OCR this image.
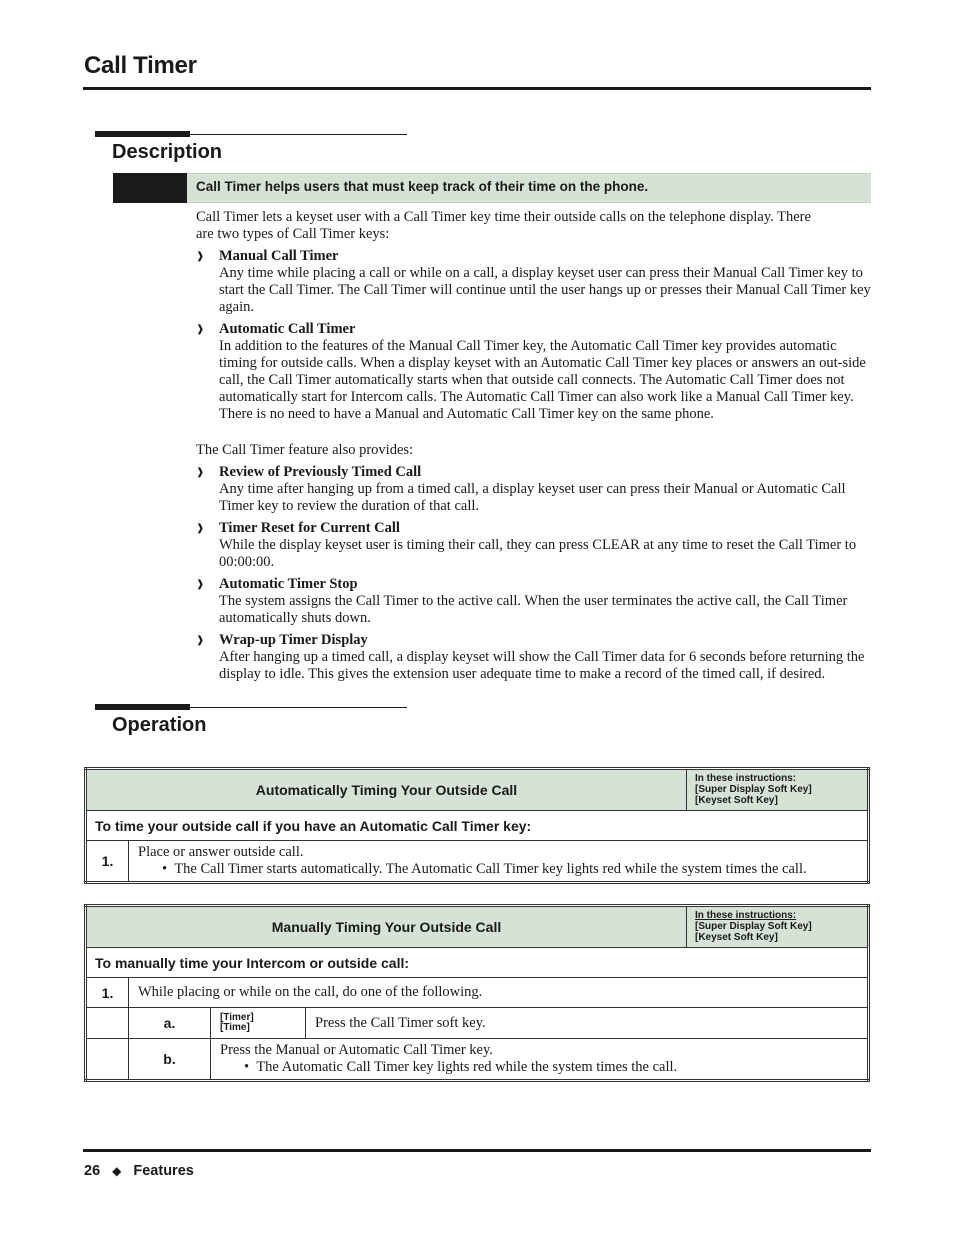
Call Timer
Description
Call Timer helps users that must keep track of their time on the phone.
Call Timer lets a keyset user with a Call Timer key time their outside calls on the telephone display. There
are two types of Call Timer keys:
❱ Manual Call Timer
Any time while placing a call or while on a call, a display keyset user can press their Manual Call Timer key to start the Call Timer. The Call Timer will continue until the user hangs up or presses their Manual Call Timer key again.
❱ Automatic Call Timer
In addition to the features of the Manual Call Timer key, the Automatic Call Timer key provides automatic timing for outside calls. When a display keyset with an Automatic Call Timer key places or answers an out-side call, the Call Timer automatically starts when that outside call connects. The Automatic Call Timer does not automatically start for Intercom calls. The Automatic Call Timer can also work like a Manual Call Timer key. There is no need to have a Manual and Automatic Call Timer key on the same phone.
The Call Timer feature also provides:
❱ Review of Previously Timed Call
Any time after hanging up from a timed call, a display keyset user can press their Manual or Automatic Call Timer key to review the duration of that call.
❱ Timer Reset for Current Call
While the display keyset user is timing their call, they can press CLEAR at any time to reset the Call Timer to 00:00:00.
❱ Automatic Timer Stop
The system assigns the Call Timer to the active call. When the user terminates the active call, the Call Timer automatically shuts down.
❱ Wrap-up Timer Display
After hanging up a timed call, a display keyset will show the Call Timer data for 6 seconds before returning the display to idle. This gives the extension user adequate time to make a record of the timed call, if desired.
Operation
Automatically Timing Your Outside Call		In these instructions:
[Super Display Soft Key]
[Keyset Soft Key]

To time your outside call if you have an Automatic Call Timer key:		
1.	Place or answer outside call.
•  The Call Timer starts automatically. The Automatic Call Timer key lights red while the system times the call.	
Manually Timing Your Outside Call				In these instructions:
[Super Display Soft Key]
[Keyset Soft Key]

To manually time your Intercom or outside call:				
1.	While placing or while on the call, do one of the following.			
	a.	[Timer]
[Time]	Press the Call Timer soft key.	
	b.	Press the Manual or Automatic Call Timer key.
•  The Automatic Call Timer key lights red while the system times the call.		
26 ◆ Features
